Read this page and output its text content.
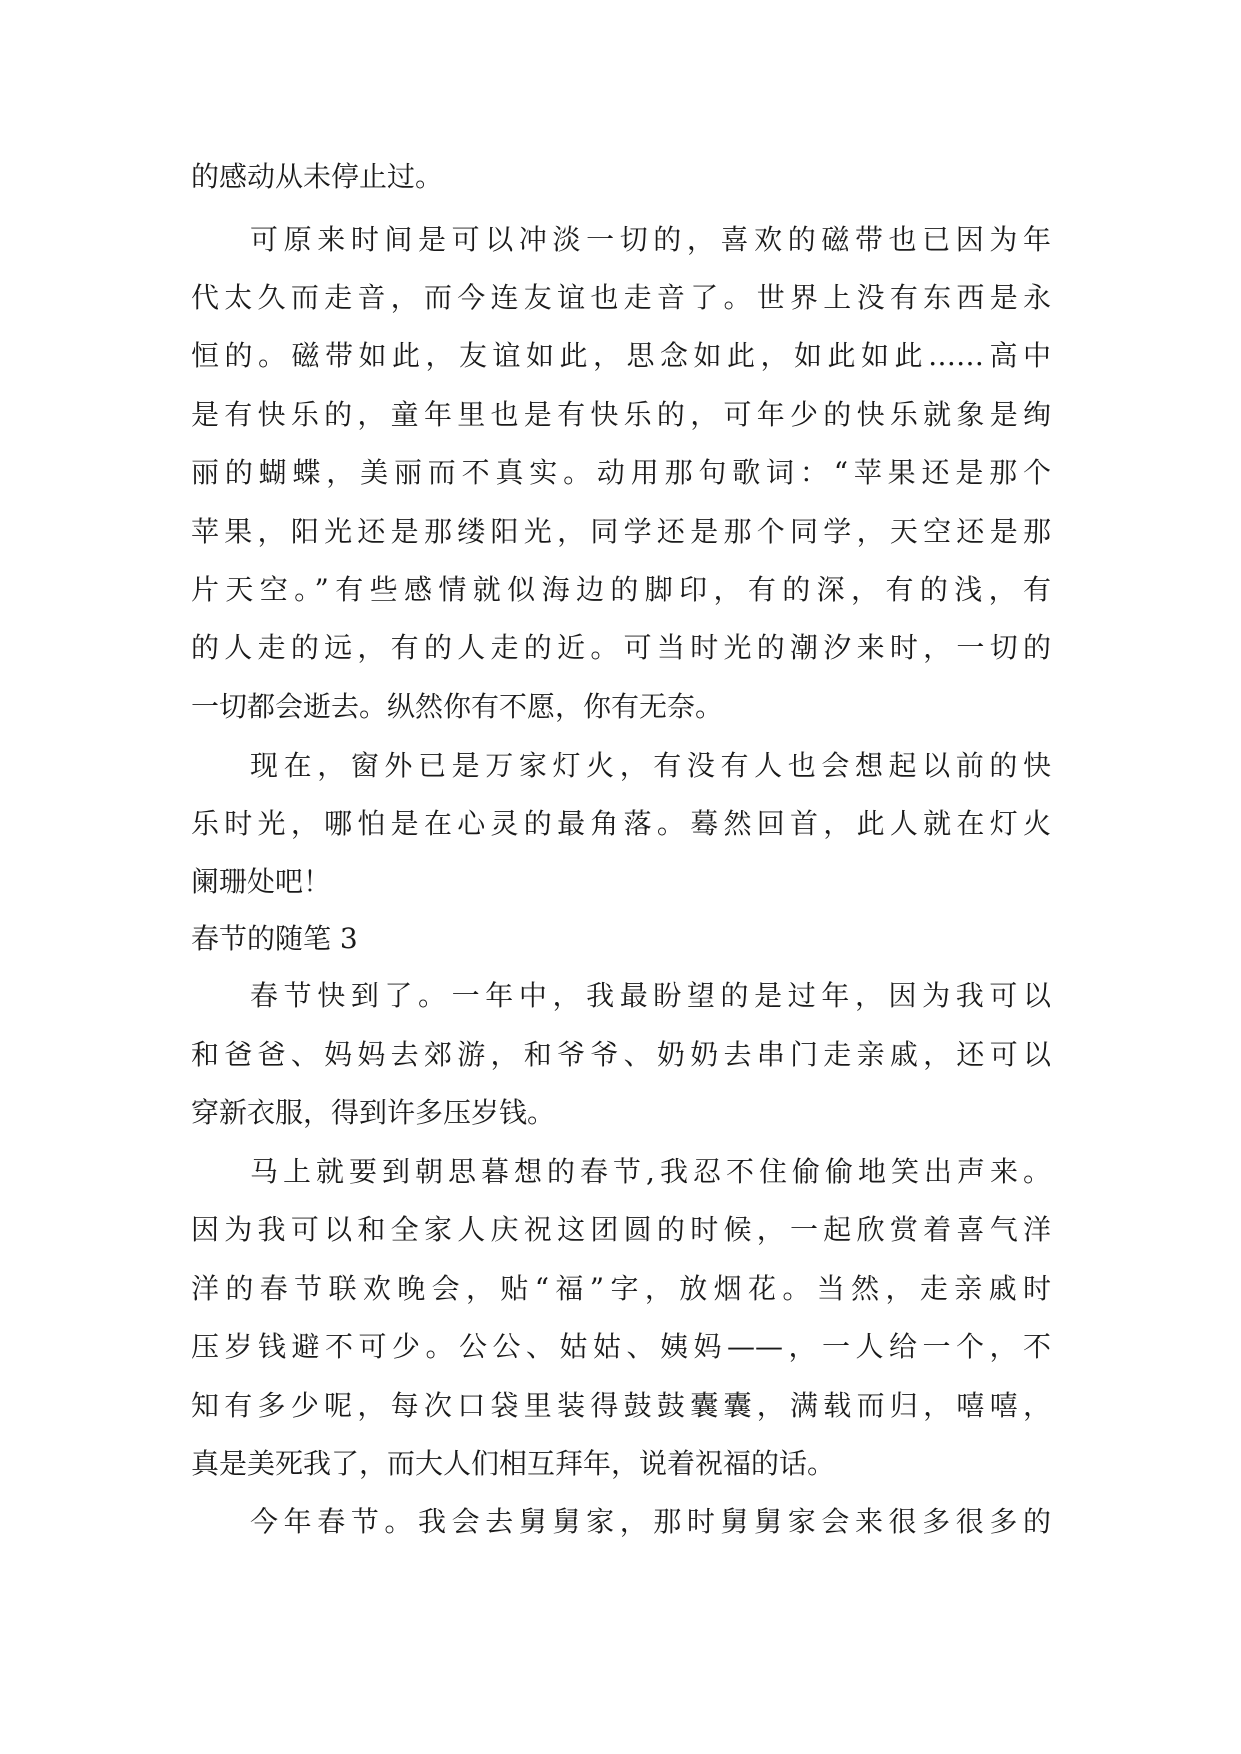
的感动从未停止过。
可原来时间是可以冲淡一切的，喜欢的磁带也已因为年
代太久而走音，而今连友谊也走音了。世界上没有东西是永
恒的。磁带如此，友谊如此，思念如此，如此如此……高中
是有快乐的，童年里也是有快乐的，可年少的快乐就象是绚
丽的蝴蝶，美丽而不真实。动用那句歌词：“苹果还是那个
苹果，阳光还是那缕阳光，同学还是那个同学，天空还是那
片天空。”有些感情就似海边的脚印，有的深，有的浅，有
的人走的远，有的人走的近。可当时光的潮汐来时，一切的
一切都会逝去。纵然你有不愿，你有无奈。
现在，窗外已是万家灯火，有没有人也会想起以前的快
乐时光，哪怕是在心灵的最角落。蓦然回首，此人就在灯火
阑珊处吧！
春节的随笔 3
春节快到了。一年中，我最盼望的是过年，因为我可以
和爸爸、妈妈去郊游，和爷爷、奶奶去串门走亲戚，还可以
穿新衣服，得到许多压岁钱。
马上就要到朝思暮想的春节,我忍不住偷偷地笑出声来。
因为我可以和全家人庆祝这团圆的时候，一起欣赏着喜气洋
洋的春节联欢晚会，贴“福”字，放烟花。当然，走亲戚时
压岁钱避不可少。公公、姑姑、姨妈——，一人给一个，不
知有多少呢，每次口袋里装得鼓鼓囊囊，满载而归，嘻嘻，
真是美死我了，而大人们相互拜年，说着祝福的话。
今年春节。我会去舅舅家，那时舅舅家会来很多很多的
